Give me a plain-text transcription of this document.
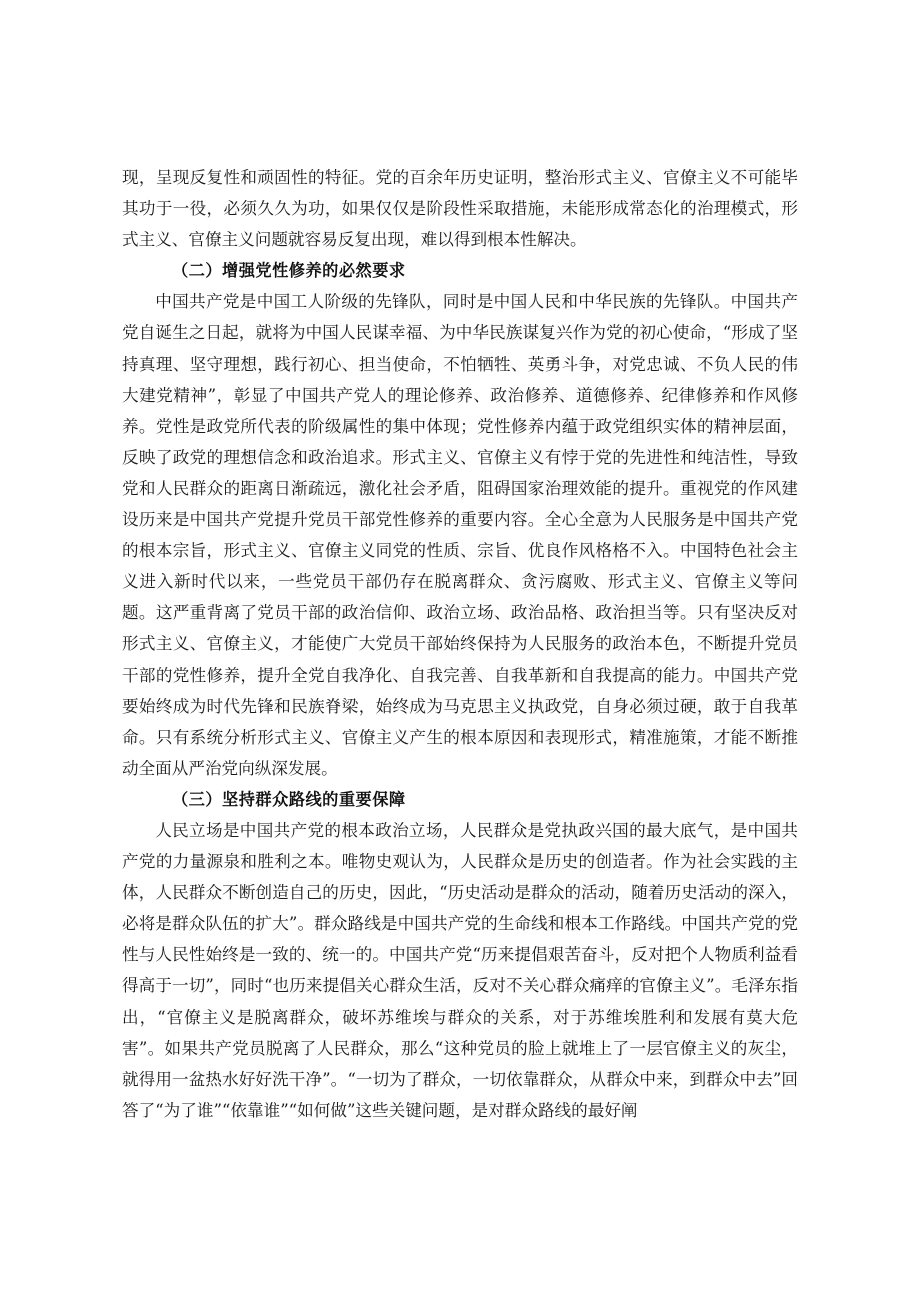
现，呈现反复性和顽固性的特征。党的百余年历史证明，整治形式主义、官僚主义不可能毕其功于一役，必须久久为功，如果仅仅是阶段性采取措施，未能形成常态化的治理模式，形式主义、官僚主义问题就容易反复出现，难以得到根本性解决。

（二）增强党性修养的必然要求

中国共产党是中国工人阶级的先锋队，同时是中国人民和中华民族的先锋队。中国共产党自诞生之日起，就将为中国人民谋幸福、为中华民族谋复兴作为党的初心使命，“形成了坚持真理、坚守理想，践行初心、担当使命，不怕牺牲、英勇斗争，对党忠诚、不负人民的伟大建党精神”，彰显了中国共产党人的理论修养、政治修养、道德修养、纪律修养和作风修养。党性是政党所代表的阶级属性的集中体现；党性修养内蕴于政党组织实体的精神层面，反映了政党的理想信念和政治追求。形式主义、官僚主义有悖于党的先进性和纯洁性，导致党和人民群众的距离日渐疏远，激化社会矛盾，阻碍国家治理效能的提升。重视党的作风建设历来是中国共产党提升党员干部党性修养的重要内容。全心全意为人民服务是中国共产党的根本宗旨，形式主义、官僚主义同党的性质、宗旨、优良作风格格不入。中国特色社会主义进入新时代以来，一些党员干部仍存在脱离群众、贪污腐败、形式主义、官僚主义等问题。这严重背离了党员干部的政治信仰、政治立场、政治品格、政治担当等。只有坚决反对形式主义、官僚主义，才能使广大党员干部始终保持为人民服务的政治本色，不断提升党员干部的党性修养，提升全党自我净化、自我完善、自我革新和自我提高的能力。中国共产党要始终成为时代先锋和民族脊梁，始终成为马克思主义执政党，自身必须过硬，敢于自我革命。只有系统分析形式主义、官僚主义产生的根本原因和表现形式，精准施策，才能不断推动全面从严治党向纵深发展。

（三）坚持群众路线的重要保障

人民立场是中国共产党的根本政治立场，人民群众是党执政兴国的最大底气，是中国共产党的力量源泉和胜利之本。唯物史观认为，人民群众是历史的创造者。作为社会实践的主体，人民群众不断创造自己的历史，因此，“历史活动是群众的活动，随着历史活动的深入，必将是群众队伍的扩大”。群众路线是中国共产党的生命线和根本工作路线。中国共产党的党性与人民性始终是一致的、统一的。中国共产党“历来提倡艰苦奋斗，反对把个人物质利益看得高于一切”，同时“也历来提倡关心群众生活，反对不关心群众痛痒的官僚主义”。毛泽东指出，“官僚主义是脱离群众，破坏苏维埃与群众的关系，对于苏维埃胜利和发展有莫大危害”。如果共产党员脱离了人民群众，那么“这种党员的脸上就堆上了一层官僚主义的灰尘，就得用一盆热水好好洗干净”。“一切为了群众，一切依靠群众，从群众中来，到群众中去”回答了“为了谁”“依靠谁”“如何做”这些关键问题，是对群众路线的最好阐
